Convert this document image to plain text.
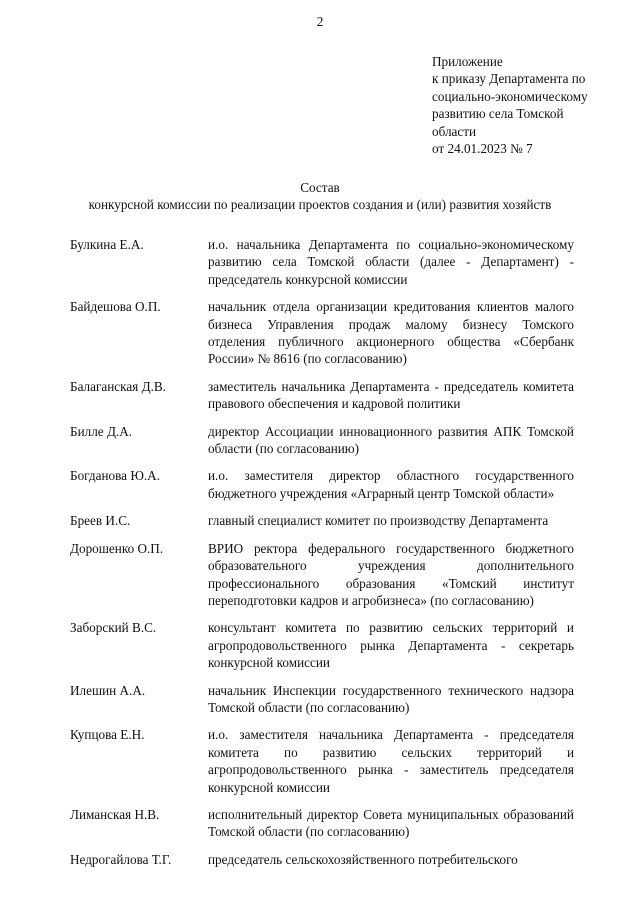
2
Приложение
к приказу Департамента по
социально-экономическому
развитию села Томской
области
от 24.01.2023 № 7
Состав
конкурсной комиссии по реализации проектов создания и (или) развития хозяйств
Булкина Е.А.	и.о. начальника Департамента по социально-экономическому развитию села Томской области (далее - Департамент) - председатель конкурсной комиссии
Байдешова О.П.	начальник отдела организации кредитования клиентов малого бизнеса Управления продаж малому бизнесу Томского отделения публичного акционерного общества «Сбербанк России» № 8616 (по согласованию)
Балаганская Д.В.	заместитель начальника Департамента - председатель комитета правового обеспечения и кадровой политики
Билле Д.А.	директор Ассоциации инновационного развития АПК Томской области (по согласованию)
Богданова Ю.А.	и.о. заместителя директор областного государственного бюджетного учреждения «Аграрный центр Томской области»
Бреев И.С.	главный специалист комитет по производству Департамента
Дорошенко О.П.	ВРИО ректора федерального государственного бюджетного образовательного учреждения дополнительного профессионального образования «Томский институт переподготовки кадров и агробизнеса» (по согласованию)
Заборский В.С.	консультант комитета по развитию сельских территорий и агропродовольственного рынка Департамента - секретарь конкурсной комиссии
Илешин А.А.	начальник Инспекции государственного технического надзора Томской области (по согласованию)
Купцова Е.Н.	и.о. заместителя начальника Департамента - председателя комитета по развитию сельских территорий и агропродовольственного рынка - заместитель председателя конкурсной комиссии
Лиманская Н.В.	исполнительный директор Совета муниципальных образований Томской области (по согласованию)
Недрогайлова Т.Г.	председатель сельскохозяйственного потребительского
